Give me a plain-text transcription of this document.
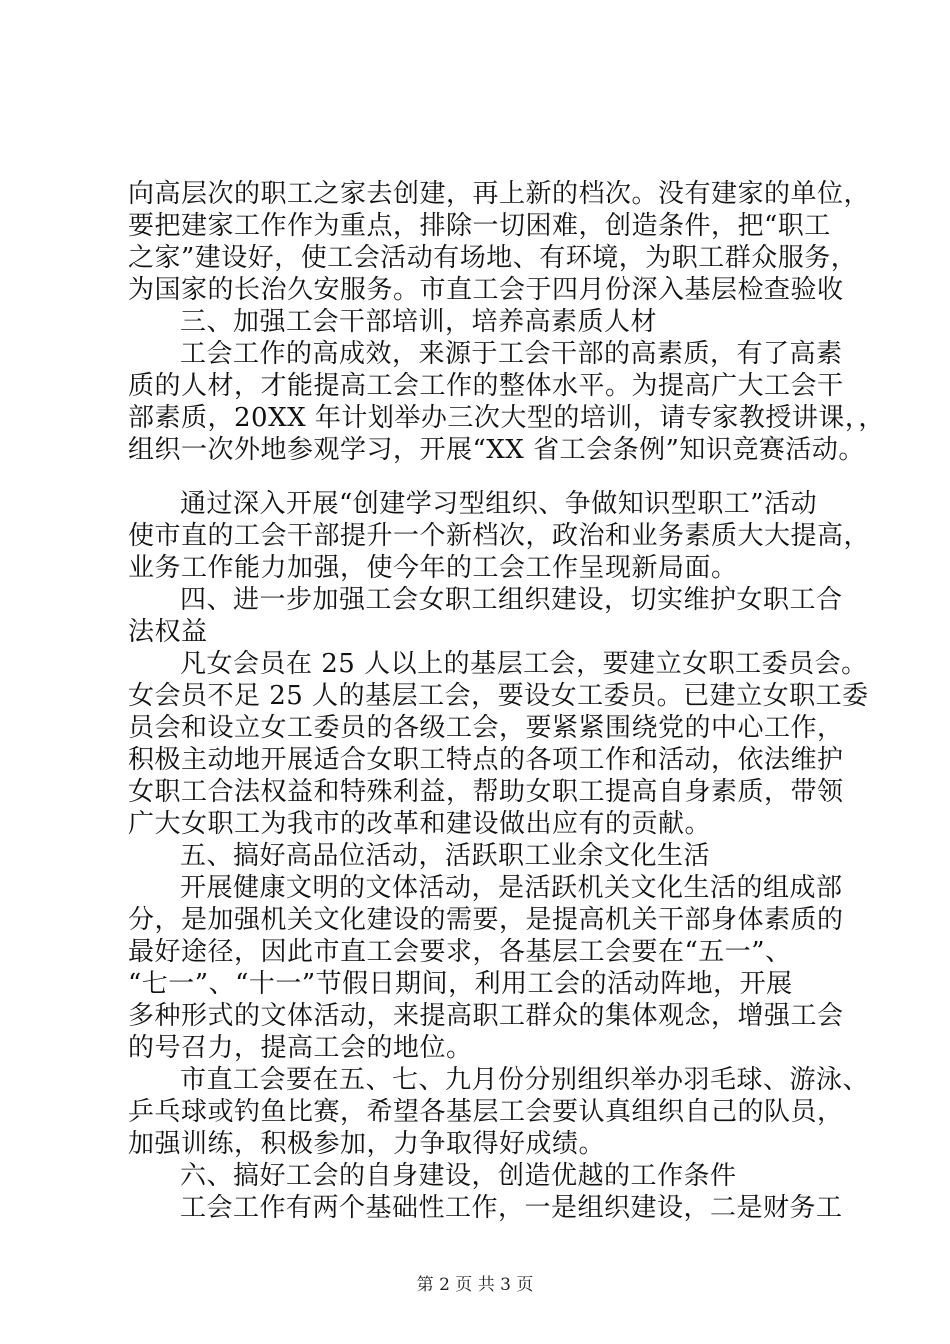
向高层次的职工之家去创建，再上新的档次。没有建家的单位，
要把建家工作作为重点，排除一切困难，创造条件，把“职工
之家”建设好，使工会活动有场地、有环境，为职工群众服务，
为国家的长治久安服务。市直工会于四月份深入基层检查验收
三、加强工会干部培训，培养高素质人材
工会工作的高成效，来源于工会干部的高素质，有了高素
质的人材，才能提高工会工作的整体水平。为提高广大工会干
部素质，20XX 年计划举办三次大型的培训，请专家教授讲课，，
组织一次外地参观学习，开展“XX 省工会条例”知识竞赛活动。
通过深入开展“创建学习型组织、争做知识型职工”活动
使市直的工会干部提升一个新档次，政治和业务素质大大提高，
业务工作能力加强，使今年的工会工作呈现新局面。
四、进一步加强工会女职工组织建设，切实维护女职工合
法权益
凡女会员在 25 人以上的基层工会，要建立女职工委员会。
女会员不足 25 人的基层工会，要设女工委员。已建立女职工委
员会和设立女工委员的各级工会，要紧紧围绕党的中心工作，
积极主动地开展适合女职工特点的各项工作和活动，依法维护
女职工合法权益和特殊利益，帮助女职工提高自身素质，带领
广大女职工为我市的改革和建设做出应有的贡献。
五、搞好高品位活动，活跃职工业余文化生活
开展健康文明的文体活动，是活跃机关文化生活的组成部
分，是加强机关文化建设的需要，是提高机关干部身体素质的
最好途径，因此市直工会要求，各基层工会要在“五一”、
“七一”、“十一”节假日期间，利用工会的活动阵地，开展
多种形式的文体活动，来提高职工群众的集体观念，增强工会
的号召力，提高工会的地位。
市直工会要在五、七、九月份分别组织举办羽毛球、游泳、
乒乓球或钓鱼比赛，希望各基层工会要认真组织自己的队员，
加强训练，积极参加，力争取得好成绩。
六、搞好工会的自身建设，创造优越的工作条件
工会工作有两个基础性工作，一是组织建设，二是财务工
第 2 页 共 3 页
